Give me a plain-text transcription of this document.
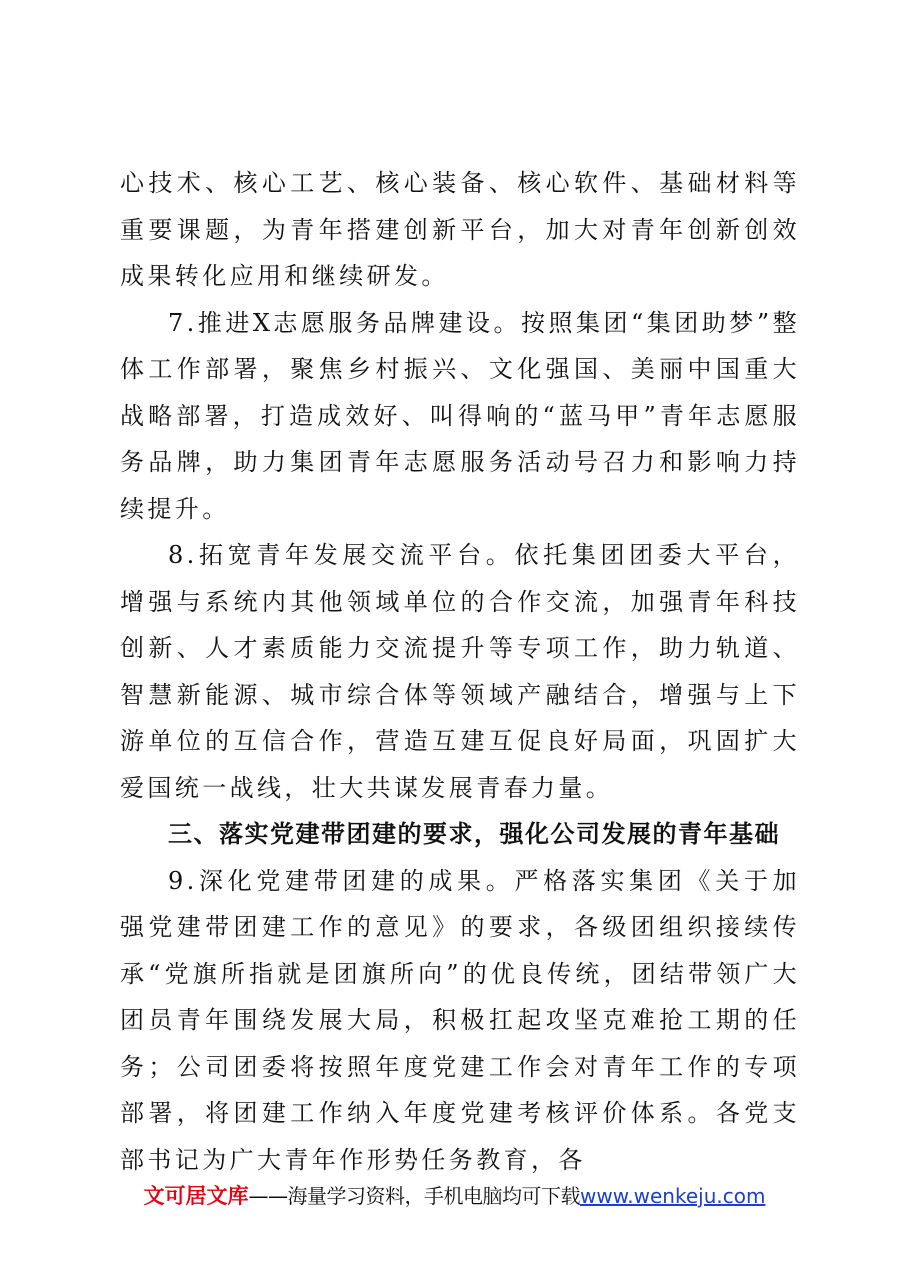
心技术、核心工艺、核心装备、核心软件、基础材料等重要课题，为青年搭建创新平台，加大对青年创新创效成果转化应用和继续研发。

7.推进X志愿服务品牌建设。按照集团“集团助梦”整体工作部署，聚焦乡村振兴、文化强国、美丽中国重大战略部署，打造成效好、叫得响的“蓝马甲”青年志愿服务品牌，助力集团青年志愿服务活动号召力和影响力持续提升。

8.拓宽青年发展交流平台。依托集团团委大平台，增强与系统内其他领域单位的合作交流，加强青年科技创新、人才素质能力交流提升等专项工作，助力轨道、智慧新能源、城市综合体等领域产融结合，增强与上下游单位的互信合作，营造互建互促良好局面，巩固扩大爱国统一战线，壮大共谋发展青春力量。

三、落实党建带团建的要求，强化公司发展的青年基础

9.深化党建带团建的成果。严格落实集团《关于加强党建带团建工作的意见》的要求，各级团组织接续传承“党旗所指就是团旗所向”的优良传统，团结带领广大团员青年围绕发展大局，积极扛起攻坚克难抢工期的任务；公司团委将按照年度党建工作会对青年工作的专项部署，将团建工作纳入年度党建考核评价体系。各党支部书记为广大青年作形势任务教育，各

文可居文库——海量学习资料，手机电脑均可下载www.wenkeju.com
